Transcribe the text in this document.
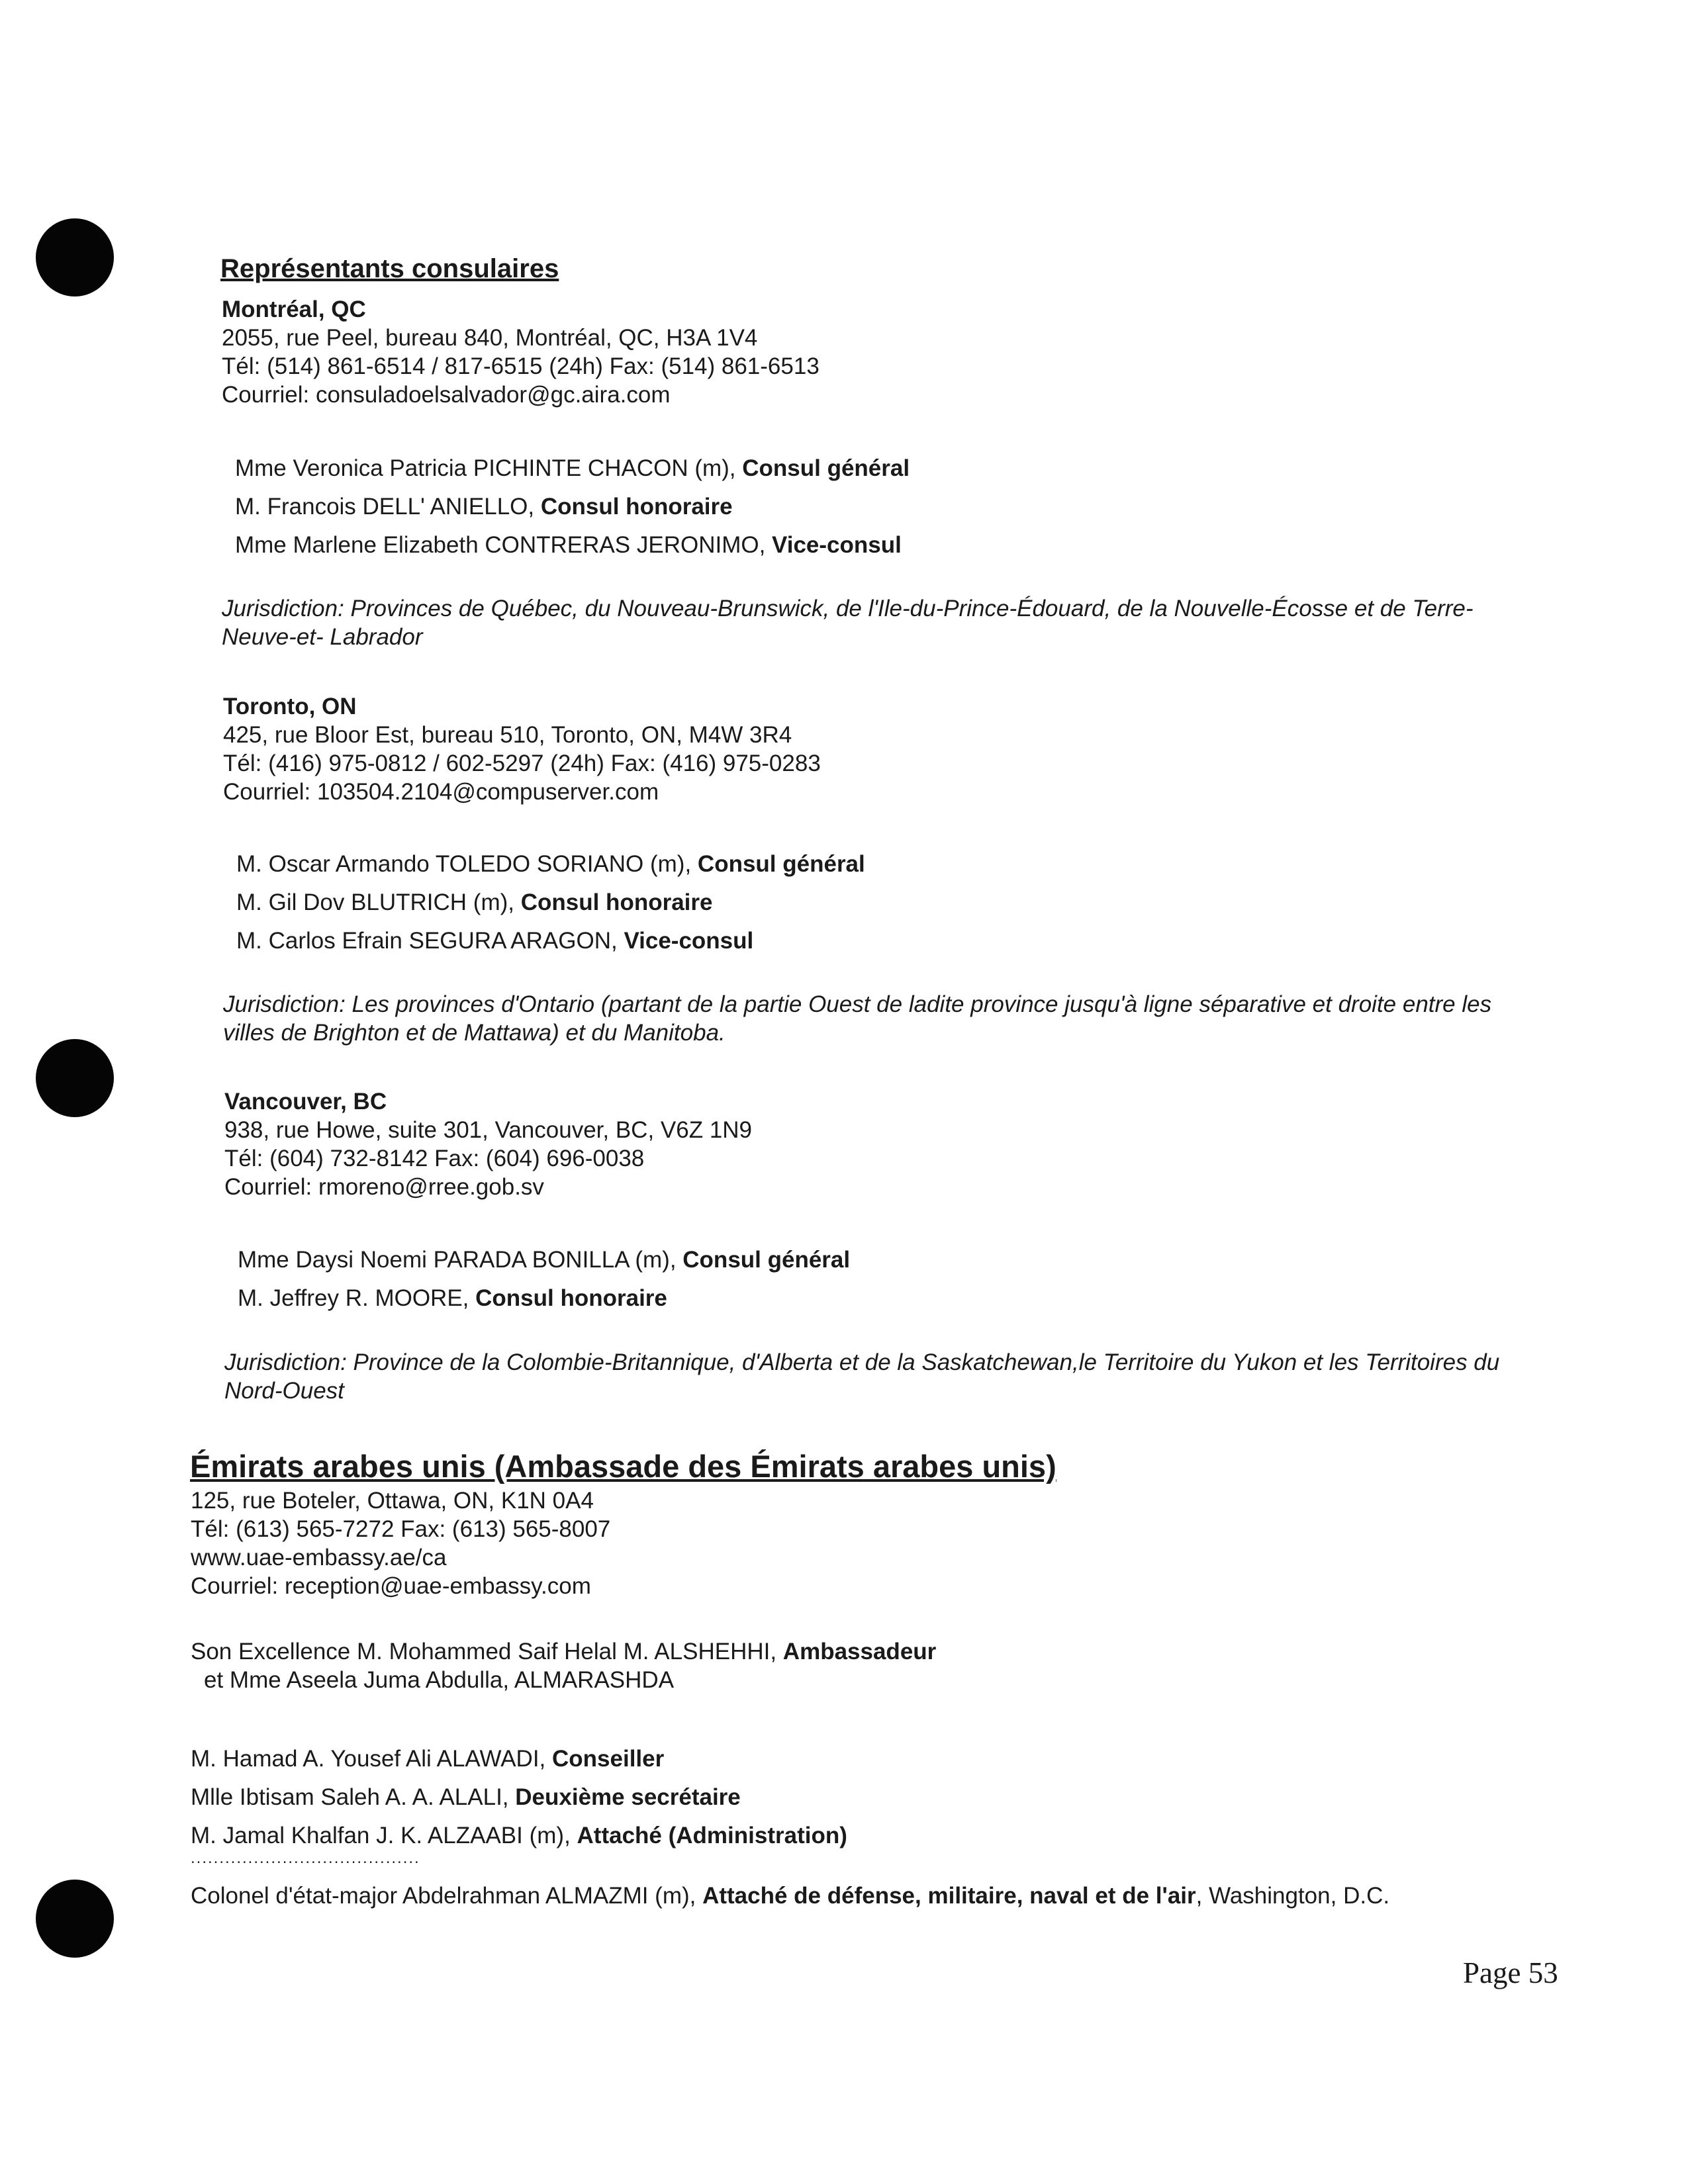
Représentants consulaires
Montréal, QC
2055, rue Peel, bureau 840, Montréal, QC, H3A 1V4
Tél: (514) 861-6514 / 817-6515 (24h) Fax: (514) 861-6513
Courriel: consuladoelsalvador@gc.aira.com
Mme Veronica Patricia PICHINTE CHACON (m), Consul général
M. Francois DELL' ANIELLO, Consul honoraire
Mme Marlene Elizabeth CONTRERAS JERONIMO, Vice-consul
Jurisdiction: Provinces de Québec, du Nouveau-Brunswick, de l'Ile-du-Prince-Édouard, de la Nouvelle-Écosse et de Terre-Neuve-et- Labrador
Toronto, ON
425, rue Bloor Est, bureau 510, Toronto, ON, M4W 3R4
Tél: (416) 975-0812 / 602-5297 (24h) Fax: (416) 975-0283
Courriel: 103504.2104@compuserver.com
M. Oscar Armando TOLEDO SORIANO (m), Consul général
M. Gil Dov BLUTRICH (m), Consul honoraire
M. Carlos Efrain SEGURA ARAGON, Vice-consul
Jurisdiction: Les provinces d'Ontario (partant de la partie Ouest de ladite province jusqu'à ligne séparative et droite entre les villes de Brighton et de Mattawa) et du Manitoba.
Vancouver, BC
938, rue Howe, suite 301, Vancouver, BC, V6Z 1N9
Tél: (604) 732-8142 Fax: (604) 696-0038
Courriel: rmoreno@rree.gob.sv
Mme Daysi Noemi PARADA BONILLA (m), Consul général
M. Jeffrey R. MOORE, Consul honoraire
Jurisdiction: Province de la Colombie-Britannique, d'Alberta et de la Saskatchewan,le Territoire du Yukon et les Territoires du Nord-Ouest
Émirats arabes unis (Ambassade des Émirats arabes unis)
125, rue Boteler, Ottawa, ON, K1N 0A4
Tél: (613) 565-7272 Fax: (613) 565-8007
www.uae-embassy.ae/ca
Courriel: reception@uae-embassy.com
Son Excellence M. Mohammed Saif Helal M. ALSHEHHI, Ambassadeur
et Mme Aseela Juma Abdulla, ALMARASHDA
M. Hamad A. Yousef Ali ALAWADI, Conseiller
Mlle Ibtisam Saleh A. A. ALALI, Deuxième secrétaire
M. Jamal Khalfan J. K. ALZAABI (m), Attaché (Administration)
........................................
Colonel d'état-major Abdelrahman ALMAZMI (m), Attaché de défense, militaire, naval et de l'air, Washington, D.C.
Page 53
